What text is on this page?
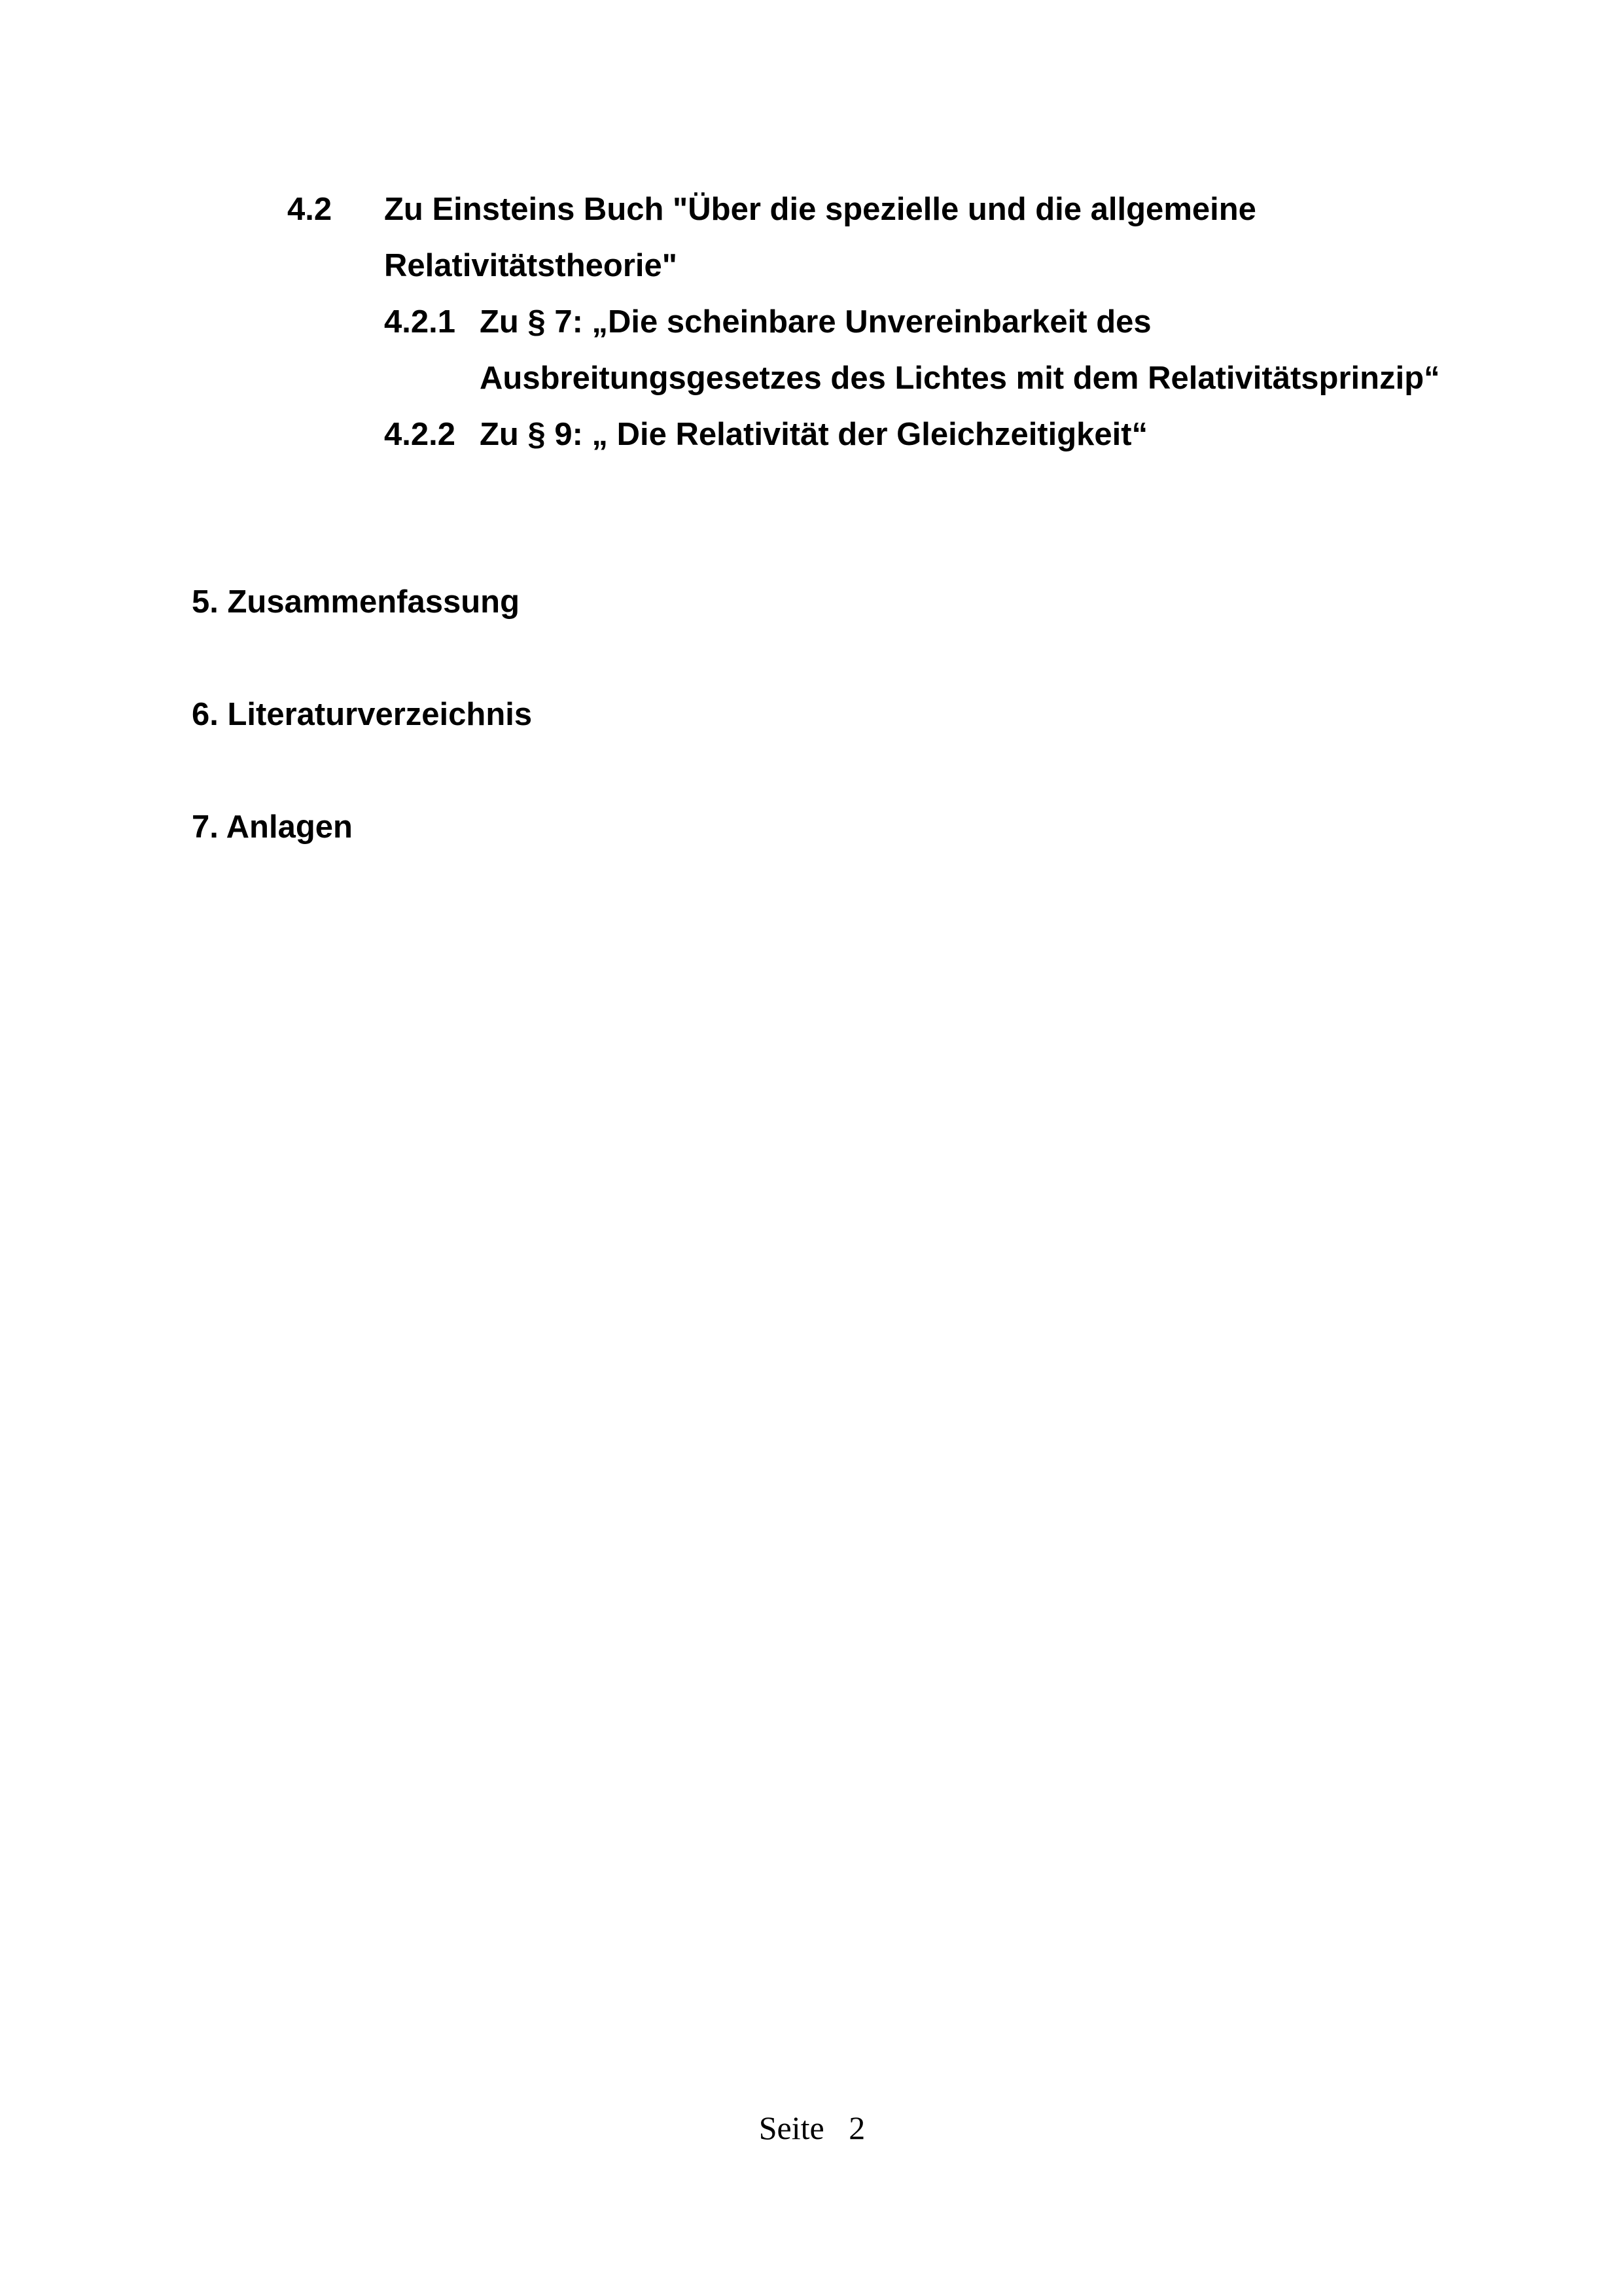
4.2 Zu Einsteins Buch "Über die spezielle und die allgemeine
Relativitätstheorie"
4.2.1 Zu § 7: „Die scheinbare Unvereinbarkeit des
Ausbreitungsgesetzes des Lichtes mit dem Relativitätsprinzip“
4.2.2 Zu § 9: „ Die Relativität der Gleichzeitigkeit“
5. Zusammenfassung
6. Literaturverzeichnis
7. Anlagen
Seite   2
